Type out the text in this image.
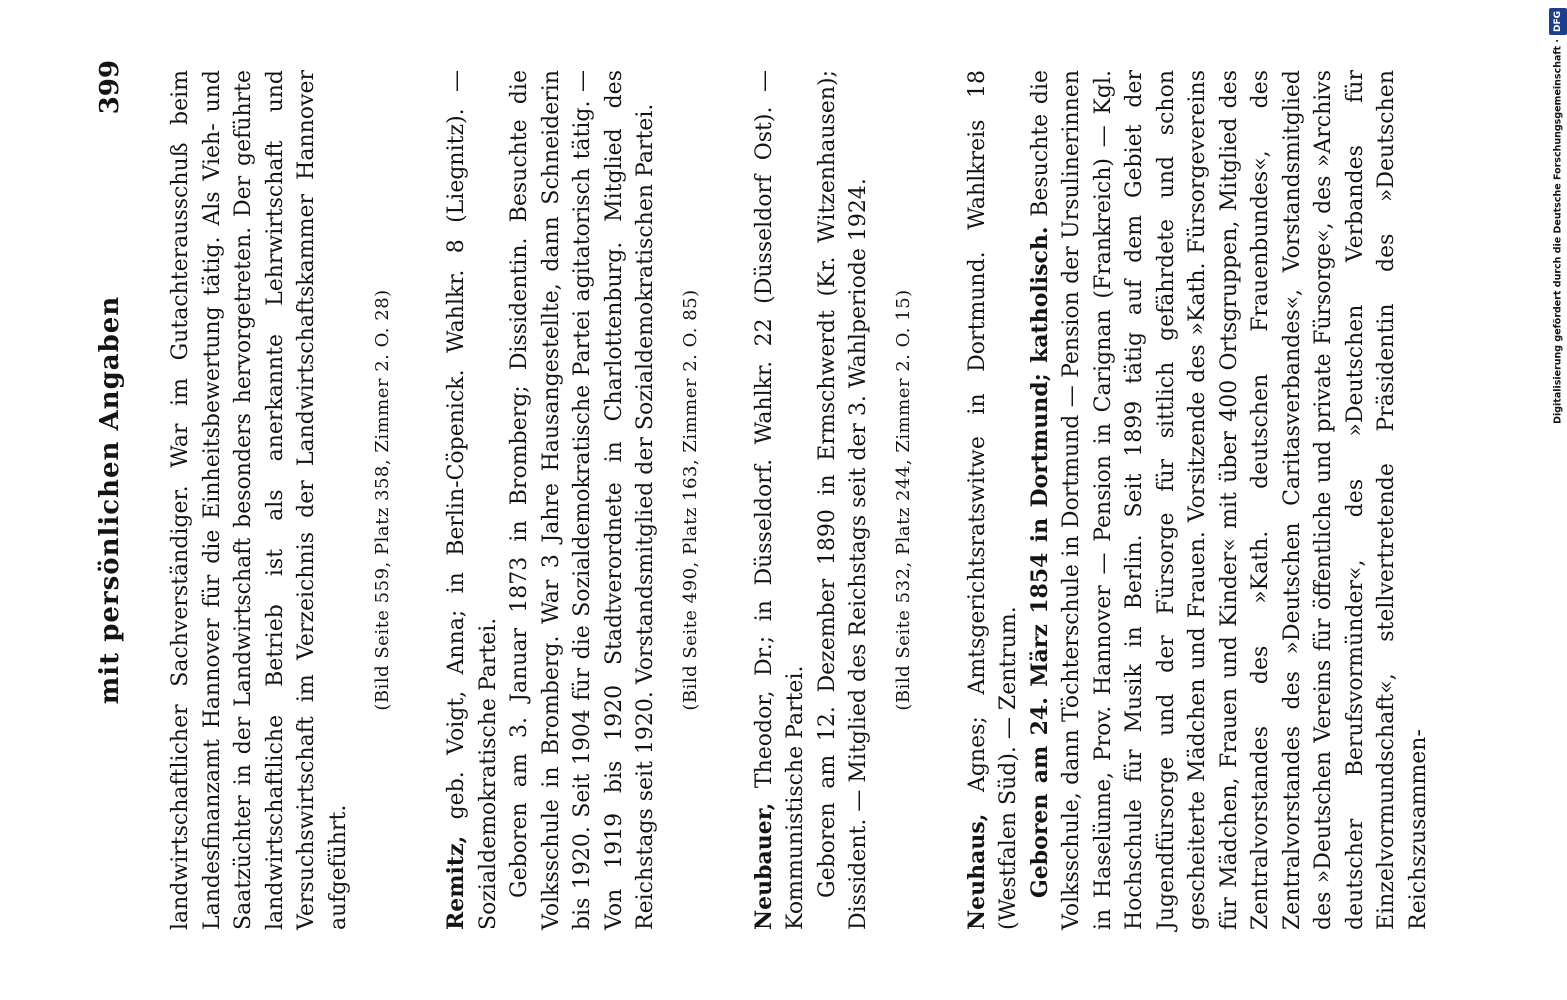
mit persönlichen Angaben
399 landwirtschaftlicher Sachverständiger. War im Gutachterausschuß beim Landesfinanzamt Hannover für die Einheitsbewertung tätig. Als Vieh- und Saatzüchter in der Landwirtschaft besonders hervorgetreten. Der geführte landwirtschaftliche Betrieb ist als anerkannte Lehrwirtschaft und Versuchswirtschaft im Verzeichnis der Landwirtschaftskammer Hannover aufgeführt.

(Bild Seite 559, Platz 358, Zimmer 2. O. 28)

Remitz, geb. Voigt, Anna; in Berlin-Cöpenick. Wahlkr. 8 (Liegnitz). — Sozialdemokratische Partei. Geboren am 3. Januar 1873 in Bromberg; Dissidentin. Besuchte die Volksschule in Bromberg. War 3 Jahre Hausangestellte, dann Schneiderin bis 1920. Seit 1904 für die Sozialdemokratische Partei agitatorisch tätig. — Von 1919 bis 1920 Stadtverordnete in Charlottenburg. Mitglied des Reichstags seit 1920. Vorstandsmitglied der Sozialdemokratischen Partei. (Bild Seite 490, Platz 163, Zimmer 2. O. 85)

Neubauer, Theodor, Dr.; in Düsseldorf. Wahlkr. 22 (Düsseldorf Ost). — Kommunistische Partei. Geboren am 12. Dezember 1890 in Ermschwerdt (Kr. Witzenhausen); Dissident. — Mitglied des Reichstags seit der 3. Wahlperiode 1924. (Bild Seite 532, Platz 244, Zimmer 2. O. 15)

Neuhaus, Agnes; Amtsgerichtsratswitwe in Dortmund. Wahlkreis 18 (Westfalen Süd). — Zentrum. Geboren am 24. März 1854 in Dortmund; katholisch. Besuchte die Volksschule, dann Töchterschule in Dortmund — Pension der Ursulinerinnen in Haselünne, Prov. Hannover — Pension in Carignan (Frankreich) — Kgl. Hochschule für Musik in Berlin. Seit 1899 tätig auf dem Gebiet der Jugendfürsorge und der Fürsorge für sittlich gefährdete und schon gescheiterte Mädchen und Frauen. Vorsitzende des »Kath. Fürsorgevereins für Mädchen, Frauen und Kinder« mit über 400 Ortsgruppen, Mitglied des Zentralvorstandes des »Kath. deutschen Frauenbundes«, des Zentralvorstandes des »Deutschen Caritasverbandes«, Vorstandsmitglied des »Deutschen Vereins für öffentliche und private Fürsorge«, des »Archivs deutscher Berufsvormünder«, des »Deutschen Verbandes für Einzelvormundschaft«, stellvertretende Präsidentin des »Deutschen Reichszusammen-

Digitalisierung gefördert durch die Deutsche Forschungsgemeinschaft ·DFG
